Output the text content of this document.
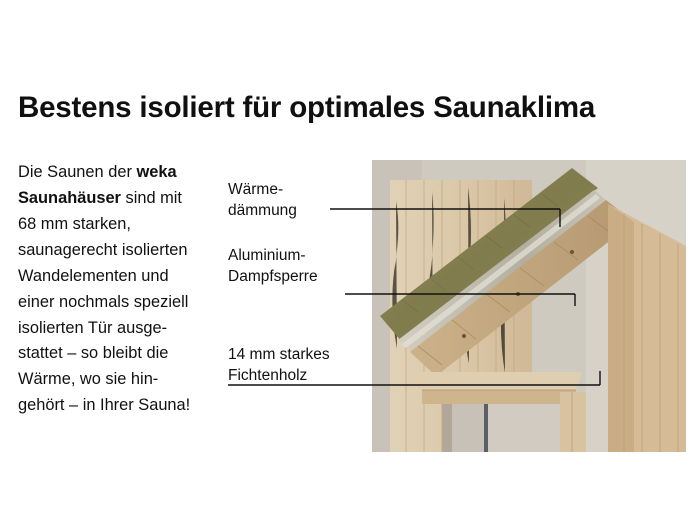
Bestens isoliert für optimales Saunaklima
Die Saunen der weka
Saunahäuser sind mit
68 mm starken,
saunagerecht isolierten
Wandelementen und
einer nochmals speziell
isolierten Tür ausge-
stattet – so bleibt die
Wärme, wo sie hin-
gehört – in Ihrer Sauna!
Wärme-
dämmung
Aluminium-
Dampfsperre
14 mm starkes
Fichtenholz
